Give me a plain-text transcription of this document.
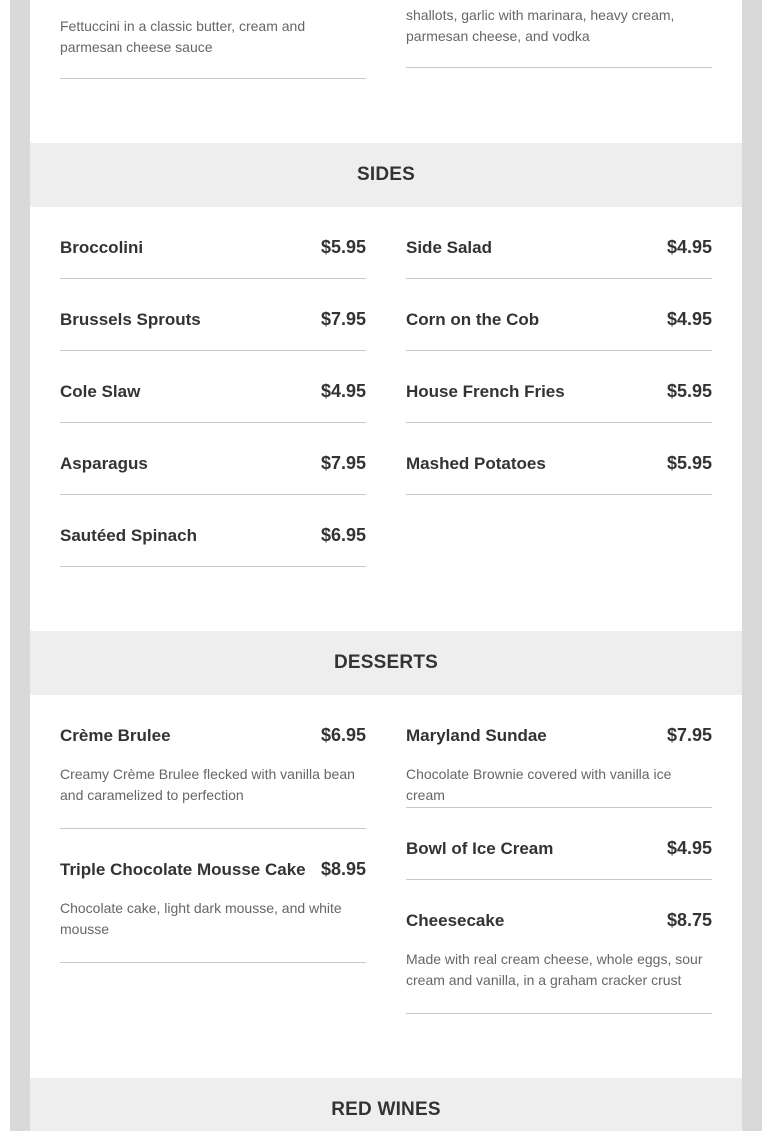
Fettuccini in a classic butter, cream and parmesan cheese sauce
shallots, garlic with marinara, heavy cream, parmesan cheese, and vodka
SIDES
Broccolini	$5.95
Brussels Sprouts	$7.95
Cole Slaw	$4.95
Asparagus	$7.95
Sautéed Spinach	$6.95
Side Salad	$4.95
Corn on the Cob	$4.95
House French Fries	$5.95
Mashed Potatoes	$5.95
DESSERTS
Crème Brulee	$6.95
Creamy Crème Brulee flecked with vanilla bean and caramelized to perfection
Triple Chocolate Mousse Cake $8.95
Chocolate cake, light dark mousse, and white mousse
Maryland Sundae	$7.95
Chocolate Brownie covered with vanilla ice cream
Bowl of Ice Cream	$4.95
Cheesecake	$8.75
Made with real cream cheese, whole eggs, sour cream and vanilla, in a graham cracker crust
RED WINES
